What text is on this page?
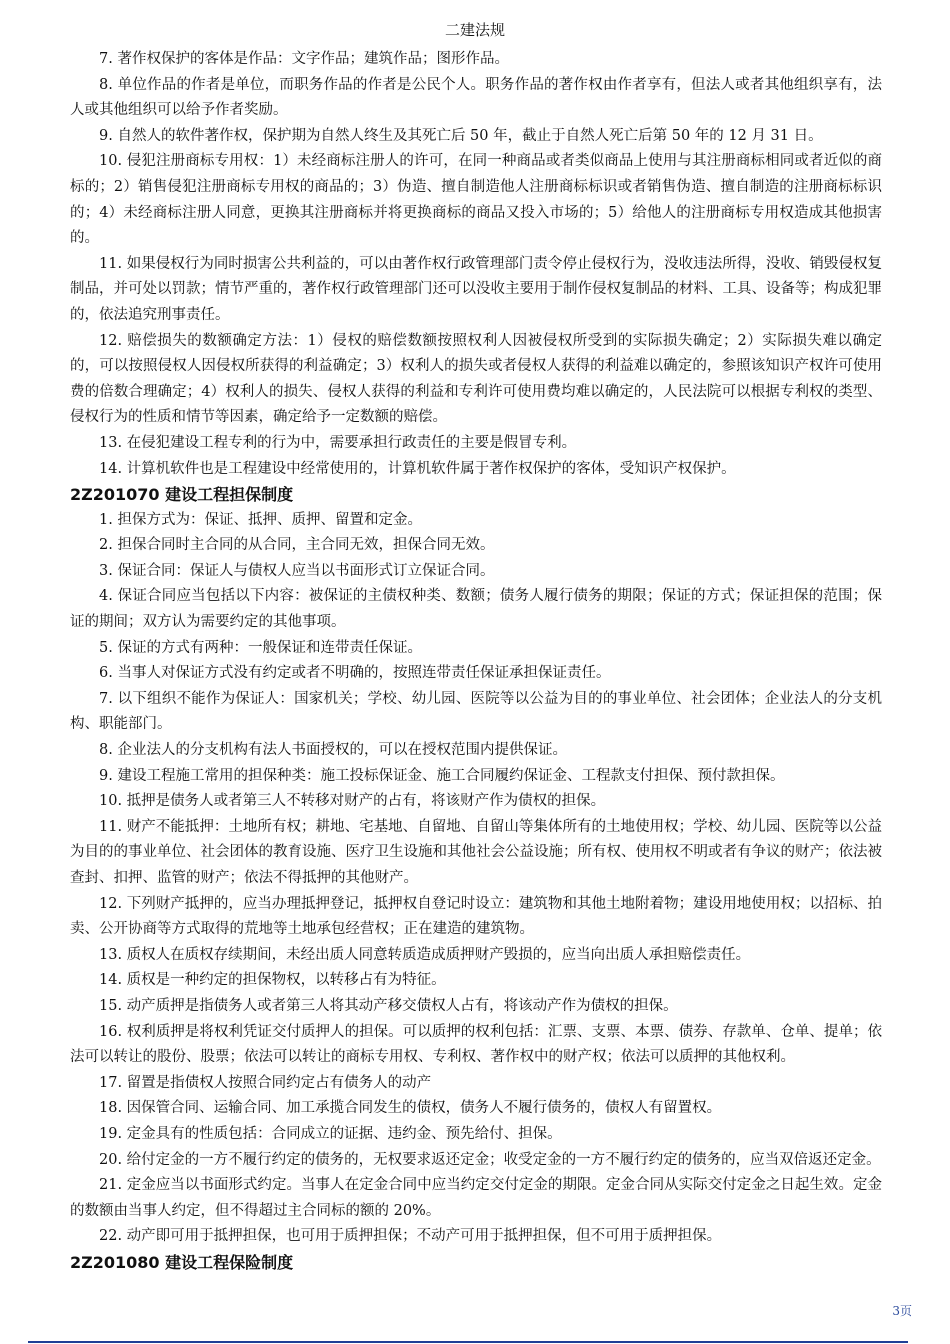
二建法规

7. 著作权保护的客体是作品：文字作品；建筑作品；图形作品。

8. 单位作品的作者是单位，而职务作品的作者是公民个人。职务作品的著作权由作者享有，但法人或者其他组织享有，法人或其他组织可以给予作者奖励。

9. 自然人的软件著作权，保护期为自然人终生及其死亡后 50 年，截止于自然人死亡后第 50 年的 12 月 31 日。

10. 侵犯注册商标专用权：1）未经商标注册人的许可，在同一种商品或者类似商品上使用与其注册商标相同或者近似的商标的；2）销售侵犯注册商标专用权的商品的；3）伪造、擅自制造他人注册商标标识或者销售伪造、擅自制造的注册商标标识的；4）未经商标注册人同意，更换其注册商标并将更换商标的商品又投入市场的；5）给他人的注册商标专用权造成其他损害的。

11. 如果侵权行为同时损害公共利益的，可以由著作权行政管理部门责令停止侵权行为，没收违法所得，没收、销毁侵权复制品，并可处以罚款；情节严重的，著作权行政管理部门还可以没收主要用于制作侵权复制品的材料、工具、设备等；构成犯罪的，依法追究刑事责任。

12. 赔偿损失的数额确定方法：1）侵权的赔偿数额按照权利人因被侵权所受到的实际损失确定；2）实际损失难以确定的，可以按照侵权人因侵权所获得的利益确定；3）权利人的损失或者侵权人获得的利益难以确定的，参照该知识产权许可使用费的倍数合理确定；4）权利人的损失、侵权人获得的利益和专利许可使用费均难以确定的，人民法院可以根据专利权的类型、侵权行为的性质和情节等因素，确定给予一定数额的赔偿。

13. 在侵犯建设工程专利的行为中，需要承担行政责任的主要是假冒专利。

14. 计算机软件也是工程建设中经常使用的，计算机软件属于著作权保护的客体，受知识产权保护。

2Z201070 建设工程担保制度

1. 担保方式为：保证、抵押、质押、留置和定金。

2. 担保合同时主合同的从合同，主合同无效，担保合同无效。

3. 保证合同：保证人与债权人应当以书面形式订立保证合同。

4. 保证合同应当包括以下内容：被保证的主债权种类、数额；债务人履行债务的期限；保证的方式；保证担保的范围；保证的期间；双方认为需要约定的其他事项。

5. 保证的方式有两种：一般保证和连带责任保证。

6. 当事人对保证方式没有约定或者不明确的，按照连带责任保证承担保证责任。

7. 以下组织不能作为保证人：国家机关；学校、幼儿园、医院等以公益为目的的事业单位、社会团体；企业法人的分支机构、职能部门。

8. 企业法人的分支机构有法人书面授权的，可以在授权范围内提供保证。

9. 建设工程施工常用的担保种类：施工投标保证金、施工合同履约保证金、工程款支付担保、预付款担保。

10. 抵押是债务人或者第三人不转移对财产的占有，将该财产作为债权的担保。

11. 财产不能抵押：土地所有权；耕地、宅基地、自留地、自留山等集体所有的土地使用权；学校、幼儿园、医院等以公益为目的的事业单位、社会团体的教育设施、医疗卫生设施和其他社会公益设施；所有权、使用权不明或者有争议的财产；依法被查封、扣押、监管的财产；依法不得抵押的其他财产。

12. 下列财产抵押的，应当办理抵押登记，抵押权自登记时设立：建筑物和其他土地附着物；建设用地使用权；以招标、拍卖、公开协商等方式取得的荒地等土地承包经营权；正在建造的建筑物。

13. 质权人在质权存续期间，未经出质人同意转质造成质押财产毁损的，应当向出质人承担赔偿责任。

14. 质权是一种约定的担保物权，以转移占有为特征。

15. 动产质押是指债务人或者第三人将其动产移交债权人占有，将该动产作为债权的担保。

16. 权利质押是将权利凭证交付质押人的担保。可以质押的权利包括：汇票、支票、本票、债券、存款单、仓单、提单；依法可以转让的股份、股票；依法可以转让的商标专用权、专利权、著作权中的财产权；依法可以质押的其他权利。

17. 留置是指债权人按照合同约定占有债务人的动产

18. 因保管合同、运输合同、加工承揽合同发生的债权，债务人不履行债务的，债权人有留置权。

19. 定金具有的性质包括：合同成立的证据、违约金、预先给付、担保。

20. 给付定金的一方不履行约定的债务的，无权要求返还定金；收受定金的一方不履行约定的债务的，应当双倍返还定金。

21. 定金应当以书面形式约定。当事人在定金合同中应当约定交付定金的期限。定金合同从实际交付定金之日起生效。定金的数额由当事人约定，但不得超过主合同标的额的 20%。

22. 动产即可用于抵押担保，也可用于质押担保；不动产可用于抵押担保，但不可用于质押担保。

2Z201080 建设工程保险制度
3页
